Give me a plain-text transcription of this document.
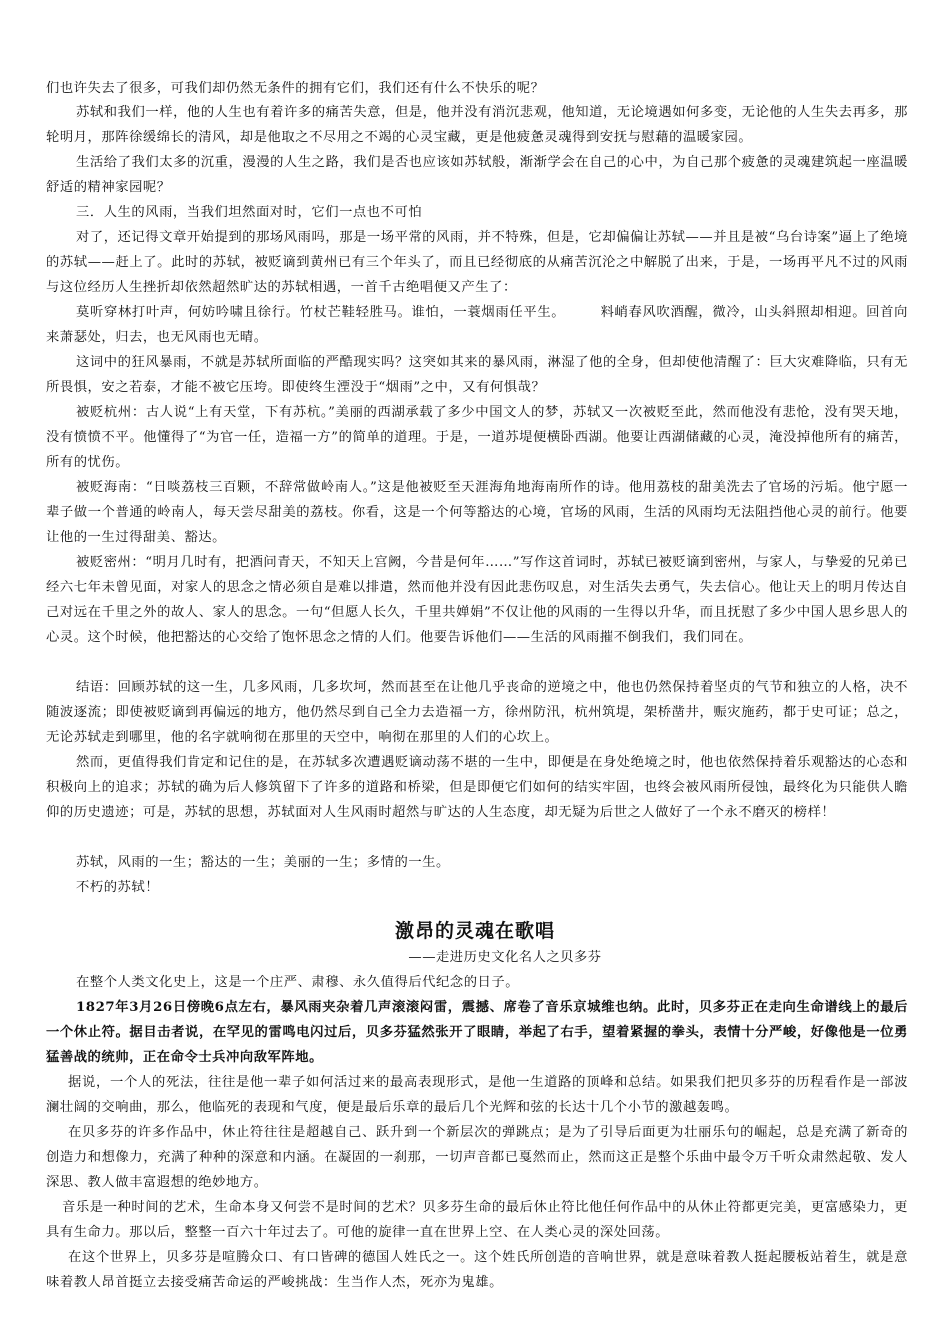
们也许失去了很多，可我们却仍然无条件的拥有它们，我们还有什么不快乐的呢？

苏轼和我们一样，他的人生也有着许多的痛苦失意，但是，他并没有消沉悲观，他知道，无论境遇如何多变，无论他的人生失去再多，那轮明月，那阵徐缓绵长的清风，却是他取之不尽用之不竭的心灵宝藏，更是他疲惫灵魂得到安抚与慰藉的温暖家园。

生活给了我们太多的沉重，漫漫的人生之路，我们是否也应该如苏轼般，渐渐学会在自己的心中，为自己那个疲惫的灵魂建筑起一座温暖舒适的精神家园呢？

三．人生的风雨，当我们坦然面对时，它们一点也不可怕

对了，还记得文章开始提到的那场风雨吗，那是一场平常的风雨，并不特殊，但是，它却偏偏让苏轼——并且是被“乌台诗案”逼上了绝境的苏轼——赶上了。此时的苏轼，被贬谪到黄州已有三个年头了，而且已经彻底的从痛苦沉沦之中解脱了出来，于是，一场再平凡不过的风雨与这位经历人生挫折却依然超然旷达的苏轼相遇，一首千古绝唱便又产生了：

莫听穿林打叶声，何妨吟啸且徐行。竹杖芒鞋轻胜马。谁怕，一蓑烟雨任平生。　　　料峭春风吹酒醒，微冷，山头斜照却相迎。回首向来萧瑟处，归去，也无风雨也无晴。

这词中的狂风暴雨，不就是苏轼所面临的严酷现实吗？这突如其来的暴风雨，淋湿了他的全身，但却使他清醒了：巨大灾难降临，只有无所畏惧，安之若泰，才能不被它压垮。即使终生湮没于“烟雨”之中，又有何惧哉？

被贬杭州：古人说“上有天堂，下有苏杭。”美丽的西湖承载了多少中国文人的梦，苏轼又一次被贬至此，然而他没有悲怆，没有哭天地，没有愤愤不平。他懂得了“为官一任，造福一方”的简单的道理。于是，一道苏堤便横卧西湖。他要让西湖储藏的心灵，淹没掉他所有的痛苦，所有的忧伤。

被贬海南：“日啖荔枝三百颗，不辞常做岭南人。”这是他被贬至天涯海角地海南所作的诗。他用荔枝的甜美洗去了官场的污垢。他宁愿一辈子做一个普通的岭南人，每天尝尽甜美的荔枝。你看，这是一个何等豁达的心境，官场的风雨，生活的风雨均无法阻挡他心灵的前行。他要让他的一生过得甜美、豁达。

被贬密州：“明月几时有，把酒问青天，不知天上宫阙，今昔是何年……”写作这首词时，苏轼已被贬谪到密州，与家人，与挚爱的兄弟已经六七年未曾见面，对家人的思念之情必须自是难以排遣，然而他并没有因此悲伤叹息，对生活失去勇气，失去信心。他让天上的明月传达自己对远在千里之外的故人、家人的思念。一句“但愿人长久，千里共婵娟”不仅让他的风雨的一生得以升华，而且抚慰了多少中国人思乡思人的心灵。这个时候，他把豁达的心交给了饱怀思念之情的人们。他要告诉他们——生活的风雨摧不倒我们，我们同在。

结语：回顾苏轼的这一生，几多风雨，几多坎坷，然而甚至在让他几乎丧命的逆境之中，他也仍然保持着坚贞的气节和独立的人格，决不随波逐流；即使被贬谪到再偏远的地方，他仍然尽到自己全力去造福一方，徐州防汛，杭州筑堤，架桥凿井，赈灾施药，都于史可证；总之，无论苏轼走到哪里，他的名字就响彻在那里的天空中，响彻在那里的人们的心坎上。

然而，更值得我们肯定和记住的是，在苏轼多次遭遇贬谪动荡不堪的一生中，即便是在身处绝境之时，他也依然保持着乐观豁达的心态和积极向上的追求；苏轼的确为后人修筑留下了许多的道路和桥梁，但是即便它们如何的结实牢固，也终会被风雨所侵蚀，最终化为只能供人瞻仰的历史遗迹；可是，苏轼的思想，苏轼面对人生风雨时超然与旷达的人生态度，却无疑为后世之人做好了一个永不磨灭的榜样！

苏轼，风雨的一生；豁达的一生；美丽的一生；多情的一生。

不朽的苏轼！

激昂的灵魂在歌唱
——走进历史文化名人之贝多芬

在整个人类文化史上，这是一个庄严、肃穆、永久值得后代纪念的日子。

1827年3月26日傍晚6点左右，暴风雨夹杂着几声滚滚闷雷，震撼、席卷了音乐京城维也纳。此时，贝多芬正在走向生命谱线上的最后一个休止符。据目击者说，在罕见的雷鸣电闪过后，贝多芬猛然张开了眼睛，举起了右手，望着紧握的拳头，表情十分严峻，好像他是一位勇猛善战的统帅，正在命令士兵冲向敌军阵地。

据说，一个人的死法，往往是他一辈子如何活过来的最高表现形式，是他一生道路的顶峰和总结。如果我们把贝多芬的历程看作是一部波澜壮阔的交响曲，那么，他临死的表现和气度，便是最后乐章的最后几个光辉和弦的长达十几个小节的激越轰鸣。

在贝多芬的许多作品中，休止符往往是超越自己、跃升到一个新层次的弹跳点；是为了引导后面更为壮丽乐句的崛起，总是充满了新奇的创造力和想像力，充满了种种的深意和内涵。在凝固的一刹那，一切声音都已戛然而止，然而这正是整个乐曲中最令万千听众肃然起敬、发人深思、教人做丰富遐想的绝妙地方。

音乐是一种时间的艺术，生命本身又何尝不是时间的艺术？贝多芬生命的最后休止符比他任何作品中的从休止符都更完美，更富感染力，更具有生命力。那以后，整整一百六十年过去了。可他的旋律一直在世界上空、在人类心灵的深处回荡。

在这个世界上，贝多芬是喧腾众口、有口皆碑的德国人姓氏之一。这个姓氏所创造的音响世界，就是意味着教人挺起腰板站着生，就是意味着教人昂首挺立去接受痛苦命运的严峻挑战：生当作人杰，死亦为鬼雄。
